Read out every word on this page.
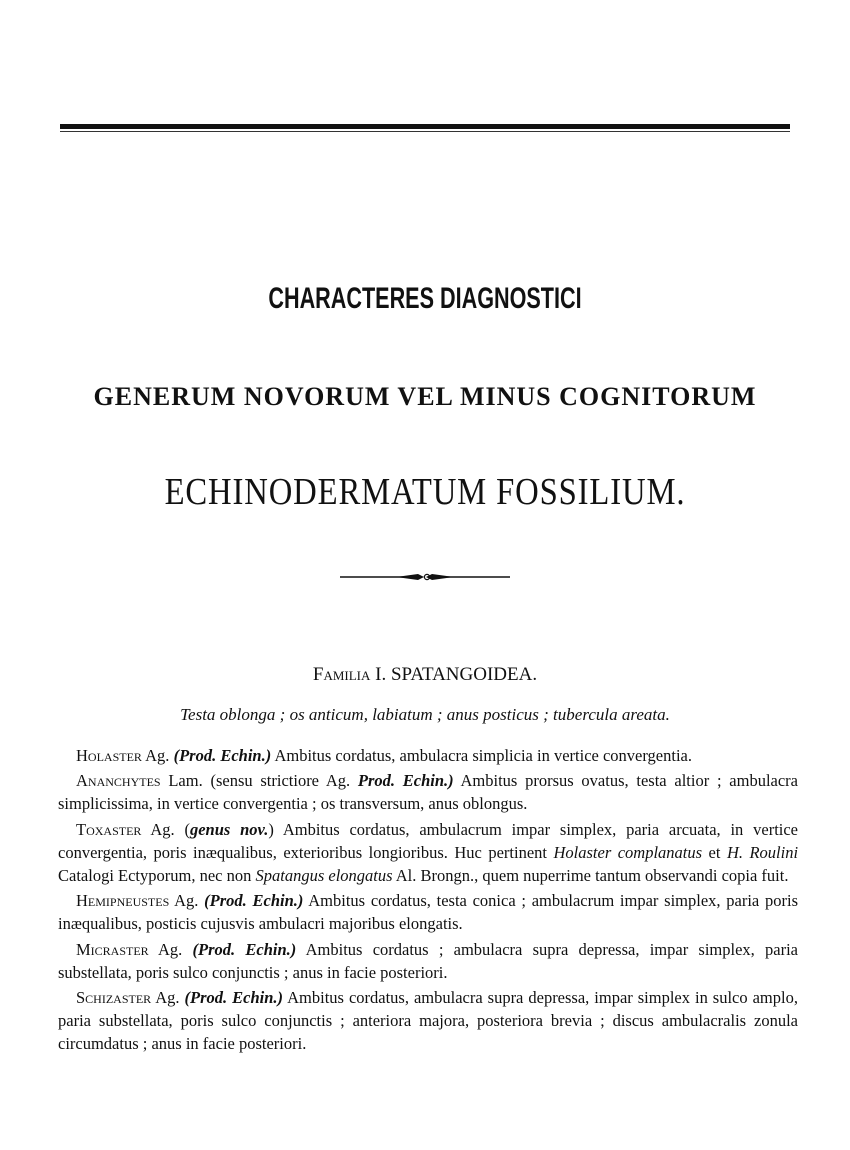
CHARACTERES DIAGNOSTICI
GENERUM NOVORUM VEL MINUS COGNITORUM
ECHINODERMATUM FOSSILIUM.
Familia I. SPATANGOIDEA.
Testa oblonga ; os anticum, labiatum ; anus posticus ; tubercula areata.

Holaster Ag. (Prod. Echin.) Ambitus cordatus, ambulacra simplicia in vertice convergentia.

Ananchytes Lam. (sensu strictiore Ag. Prod. Echin.) Ambitus prorsus ovatus, testa altior ; ambulacra simplicissima, in vertice convergentia ; os transversum, anus oblongus.

Toxaster Ag. (genus nov.) Ambitus cordatus, ambulacrum impar simplex, paria arcuata, in vertice convergentia, poris inæqualibus, exterioribus longioribus. Huc pertinent Holaster complanatus et H. Roulini Catalogi Ectyporum, nec non Spatangus elongatus Al. Brongn., quem nuperrime tantum observandi copia fuit.

Hemipneustes Ag. (Prod. Echin.) Ambitus cordatus, testa conica ; ambulacrum impar simplex, paria poris inæqualibus, posticis cujusvis ambulacri majoribus elongatis.

Micraster Ag. (Prod. Echin.) Ambitus cordatus ; ambulacra supra depressa, impar simplex, paria substellata, poris sulco conjunctis ; anus in facie posteriori.

Schizaster Ag. (Prod. Echin.) Ambitus cordatus, ambulacra supra depressa, impar simplex in sulco amplo, paria substellata, poris sulco conjunctis ; anteriora majora, posteriora brevia ; discus ambulacralis zonula circumdatus ; anus in facie posteriori.
